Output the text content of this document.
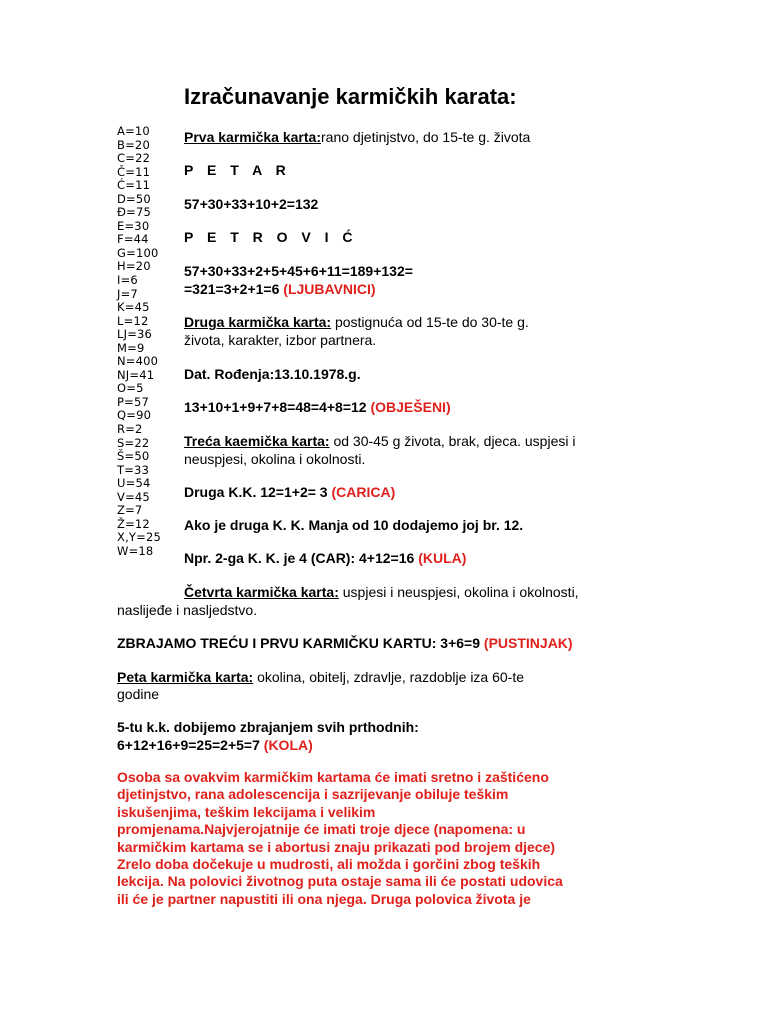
Izračunavanje karmičkih karata:
A=10
B=20
C=22
Č=11
Ć=11
D=50
Đ=75
E=30
F=44
G=100
H=20
I=6
J=7
K=45
L=12
LJ=36
M=9
N=400
NJ=41
O=5
P=57
Q=90
R=2
S=22
Š=50
T=33
U=54
V=45
Z=7
Ž=12
X,Y=25
W=18
Prva karmička karta:rano djetinjstvo, do 15-te g. života
P E T A R
57+30+33+10+2=132
P E T R O V I Ć
57+30+33+2+5+45+6+11=189+132=
=321=3+2+1=6 (LJUBAVNICI)
Druga karmička karta: postignuća od 15-te do 30-te g.
života, karakter, izbor partnera.
Dat. Rođenja:13.10.1978.g.
13+10+1+9+7+8=48=4+8=12 (OBJEŠENI)
Treća kaemička karta: od 30-45 g života, brak, djeca. uspjesi i
neuspjesi, okolina i okolnosti.
Druga K.K. 12=1+2= 3 (CARICA)
Ako je druga K. K. Manja od 10 dodajemo joj br. 12.
Npr. 2-ga K. K. je 4 (CAR): 4+12=16 (KULA)
Četvrta karmička karta: uspjesi i neuspjesi, okolina i okolnosti,
naslijeđe i nasljedstvo.
ZBRAJAMO TREĆU I PRVU KARMIČKU KARTU: 3+6=9 (PUSTINJAK)
Peta karmička karta: okolina, obitelj, zdravlje, razdoblje iza 60-te
godine
5-tu k.k. dobijemo zbrajanjem svih prthodnih:
6+12+16+9=25=2+5=7 (KOLA)
Osoba sa ovakvim karmičkim kartama će imati sretno i zaštićeno
djetinjstvo, rana adolescencija i sazrijevanje obiluje teškim
iskušenjima, teškim lekcijama i velikim
promjenama.Najvjerojatnije će imati troje djece (napomena: u
karmičkim kartama se i abortusi znaju prikazati pod brojem djece)
Zrelo doba dočekuje u mudrosti, ali možda i gorčini zbog teških
lekcija. Na polovici životnog puta ostaje sama ili će postati udovica
ili će je partner napustiti ili ona njega. Druga polovica života je
